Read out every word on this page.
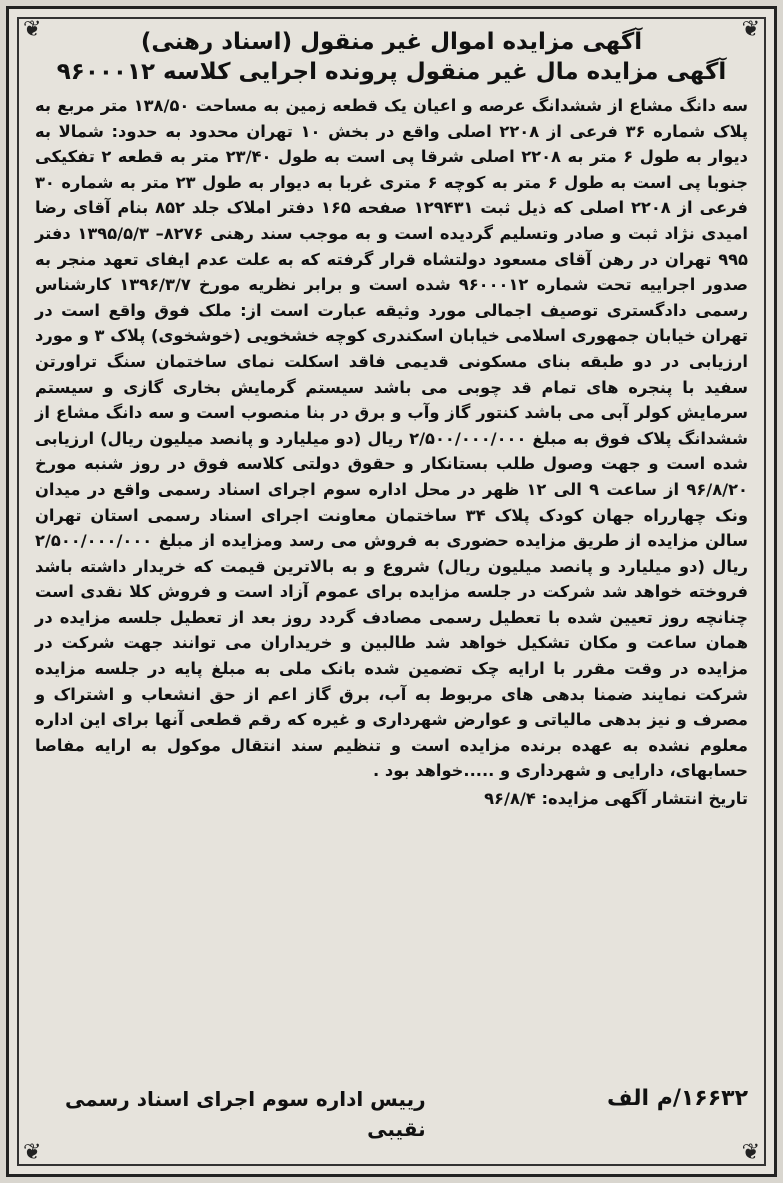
❦	❦
❦	❦
آگهی مزایده اموال غیر منقول (اسناد رهنی)
آگهی مزایده مال غیر منقول پرونده اجرایی کلاسه ۹۶۰۰۰۱۲

سه دانگ مشاع از ششدانگ عرصه و اعیان یک قطعه زمین به مساحت ۱۳۸/۵۰ متر مربع به پلاک شماره ۳۶ فرعی از ۲۲۰۸ اصلی واقع در بخش ۱۰ تهران محدود به حدود: شمالا به دیوار به طول ۶ متر به ۲۲۰۸ اصلی شرقا پی است به طول ۲۳/۴۰ متر به قطعه ۲ تفکیکی جنوبا پی است به طول ۶ متر به کوچه ۶ متری غربا به دیوار به طول ۲۳ متر به شماره ۳۰ فرعی از ۲۲۰۸ اصلی که ذیل ثبت ۱۲۹۴۳۱ صفحه ۱۶۵ دفتر املاک جلد ۸۵۲ بنام آقای رضا امیدی نژاد ثبت و صادر وتسلیم گردیده است و به موجب سند رهنی ۸۲۷۶– ۱۳۹۵/۵/۳ دفتر ۹۹۵ تهران در رهن آقای مسعود دولتشاه قرار گرفته که به علت عدم ایفای تعهد منجر به صدور اجراییه تحت شماره ۹۶۰۰۰۱۲ شده است و برابر نظریه مورخ ۱۳۹۶/۳/۷ کارشناس رسمی دادگستری توصیف اجمالی مورد وثیقه عبارت است از: ملک فوق واقع است در تهران خیابان جمهوری اسلامی خیابان اسکندری کوچه خشخویی (خوشخوی) پلاک ۳ و مورد ارزیابی در دو طبقه بنای مسکونی قدیمی فاقد اسکلت نمای ساختمان سنگ تراورتن سفید با پنجره های تمام قد چوبی می باشد سیستم گرمایش بخاری گازی و سیستم سرمایش کولر آبی می باشد کنتور گاز وآب و برق در بنا منصوب است و سه دانگ مشاع از ششدانگ پلاک فوق به مبلغ ۲/۵۰۰/۰۰۰/۰۰۰ ریال (دو میلیارد و پانصد میلیون ریال) ارزیابی شده است و جهت وصول طلب بستانکار و حقوق دولتی کلاسه فوق در روز شنبه مورخ ۹۶/۸/۲۰ از ساعت ۹ الی ۱۲ ظهر در محل اداره سوم اجرای اسناد رسمی واقع در میدان ونک چهارراه جهان کودک پلاک ۳۴ ساختمان معاونت اجرای اسناد رسمی استان تهران سالن مزایده از طریق مزایده حضوری به فروش می رسد ومزایده از مبلغ ۲/۵۰۰/۰۰۰/۰۰۰ ریال (دو میلیارد و پانصد میلیون ریال) شروع و به بالاترین قیمت که خریدار داشته باشد فروخته خواهد شد شرکت در جلسه مزایده برای عموم آزاد است و فروش کلا نقدی است چنانچه روز تعیین شده با تعطیل رسمی مصادف گردد روز بعد از تعطیل جلسه مزایده در همان ساعت و مکان تشکیل خواهد شد طالبین و خریداران می توانند جهت شرکت در مزایده در وقت مقرر با ارایه چک تضمین شده بانک ملی به مبلغ پایه در جلسه مزایده شرکت نمایند ضمنا بدهی های مربوط به آب، برق گاز اعم از حق انشعاب و اشتراک و مصرف و نیز بدهی مالیاتی و عوارض شهرداری و غیره که رقم قطعی آنها برای این اداره معلوم نشده به عهده برنده مزایده است و تنظیم سند انتقال موکول به ارایه مفاصا حسابهای، دارایی و شهرداری و .....خواهد بود .

تاریخ انتشار آگهی مزایده: ۹۶/۸/۴

۱۶۶۳۲/م الف
رییس اداره سوم اجرای اسناد رسمی
نقیبی
